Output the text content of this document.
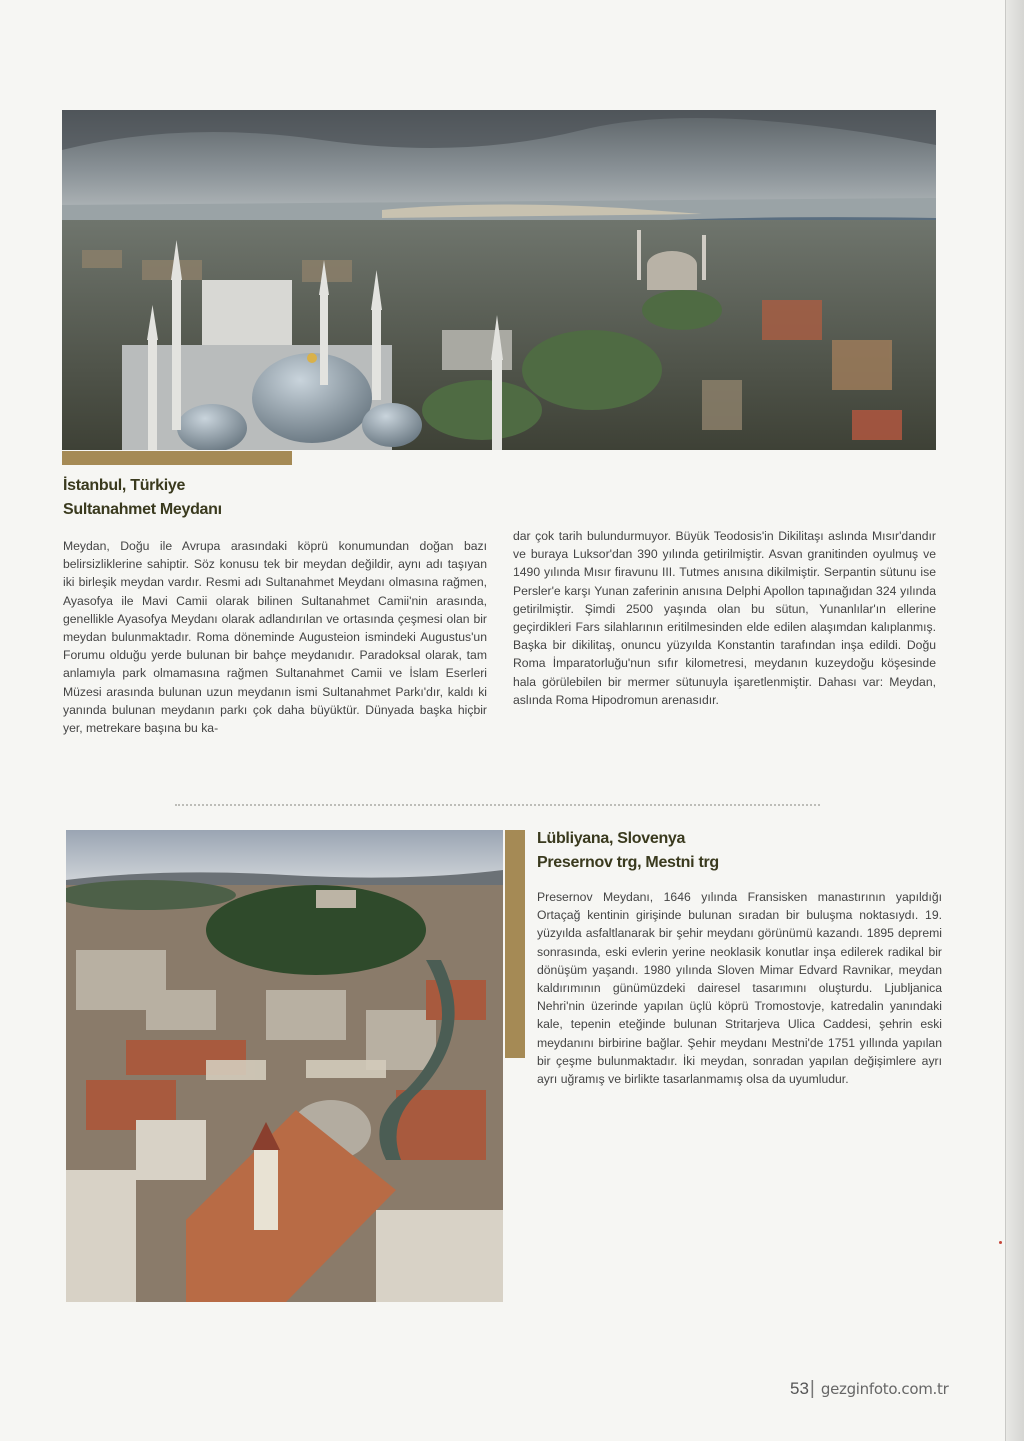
İstanbul, Türkiye
Sultanahmet Meydanı
Meydan, Doğu ile Avrupa arasındaki köprü konumundan doğan bazı belirsizliklerine sahiptir. Söz konusu tek bir meydan değildir, aynı adı taşıyan iki birleşik meydan vardır. Resmi adı Sultanahmet Meydanı olmasına rağmen, Ayasofya ile Mavi Camii olarak bilinen Sultanahmet Camii'nin arasında, genellikle Ayasofya Meydanı olarak adlandırılan ve ortasında çeşmesi olan bir meydan bulunmaktadır. Roma döneminde Augusteion ismindeki Augustus'un Forumu olduğu yerde bulunan bir bahçe meydanıdır. Paradoksal olarak, tam anlamıyla park olmamasına rağmen Sultanahmet Camii ve İslam Eserleri Müzesi arasında bulunan uzun meydanın ismi Sultanahmet Parkı'dır, kaldı ki yanında bulunan meydanın parkı çok daha büyüktür. Dünyada başka hiçbir yer, metrekare başına bu ka-
dar çok tarih bulundurmuyor. Büyük Teodosis'in Dikilitaşı aslında Mısır'dandır ve buraya Luksor'dan 390 yılında getirilmiştir. Asvan granitinden oyulmuş ve 1490 yılında Mısır firavunu III. Tutmes anısına dikilmiştir. Serpantin sütunu ise Persler'e karşı Yunan zaferinin anısına Delphi Apollon tapınağıdan 324 yılında getirilmiştir. Şimdi 2500 yaşında olan bu sütun, Yunanlılar'ın ellerine geçirdikleri Fars silahlarının eritilmesinden elde edilen alaşımdan kalıplanmış. Başka bir dikilitaş, onuncu yüzyılda Konstantin tarafından inşa edildi. Doğu Roma İmparatorluğu'nun sıfır kilometresi, meydanın kuzeydoğu köşesinde hala görülebilen bir mermer sütunuyla işaretlenmiştir. Dahası var: Meydan, aslında Roma Hipodromun arenasıdır.
Lübliyana, Slovenya
Presernov trg, Mestni trg
Presernov Meydanı, 1646 yılında Fransisken manastırının yapıldığı Ortaçağ kentinin girişinde bulunan sıradan bir buluşma noktasıydı. 19. yüzyılda asfaltlanarak bir şehir meydanı görünümü kazandı. 1895 depremi sonrasında, eski evlerin yerine neoklasik konutlar inşa edilerek radikal bir dönüşüm yaşandı. 1980 yılında Sloven Mimar Edvard Ravnikar, meydan kaldırımının günümüzdeki dairesel tasarımını oluşturdu. Ljubljanica Nehri'nin üzerinde yapılan üçlü köprü Tromostovje, katredalin yanındaki kale, tepenin eteğinde bulunan Stritarjeva Ulica Caddesi, şehrin eski meydanını birbirine bağlar. Şehir meydanı Mestni'de 1751 yıllında yapılan bir çeşme bulunmaktadır. İki meydan, sonradan yapılan değişimlere ayrı ayrı uğramış ve birlikte tasarlanmamış olsa da uyumludur.
53 | gezginfoto.com.tr
